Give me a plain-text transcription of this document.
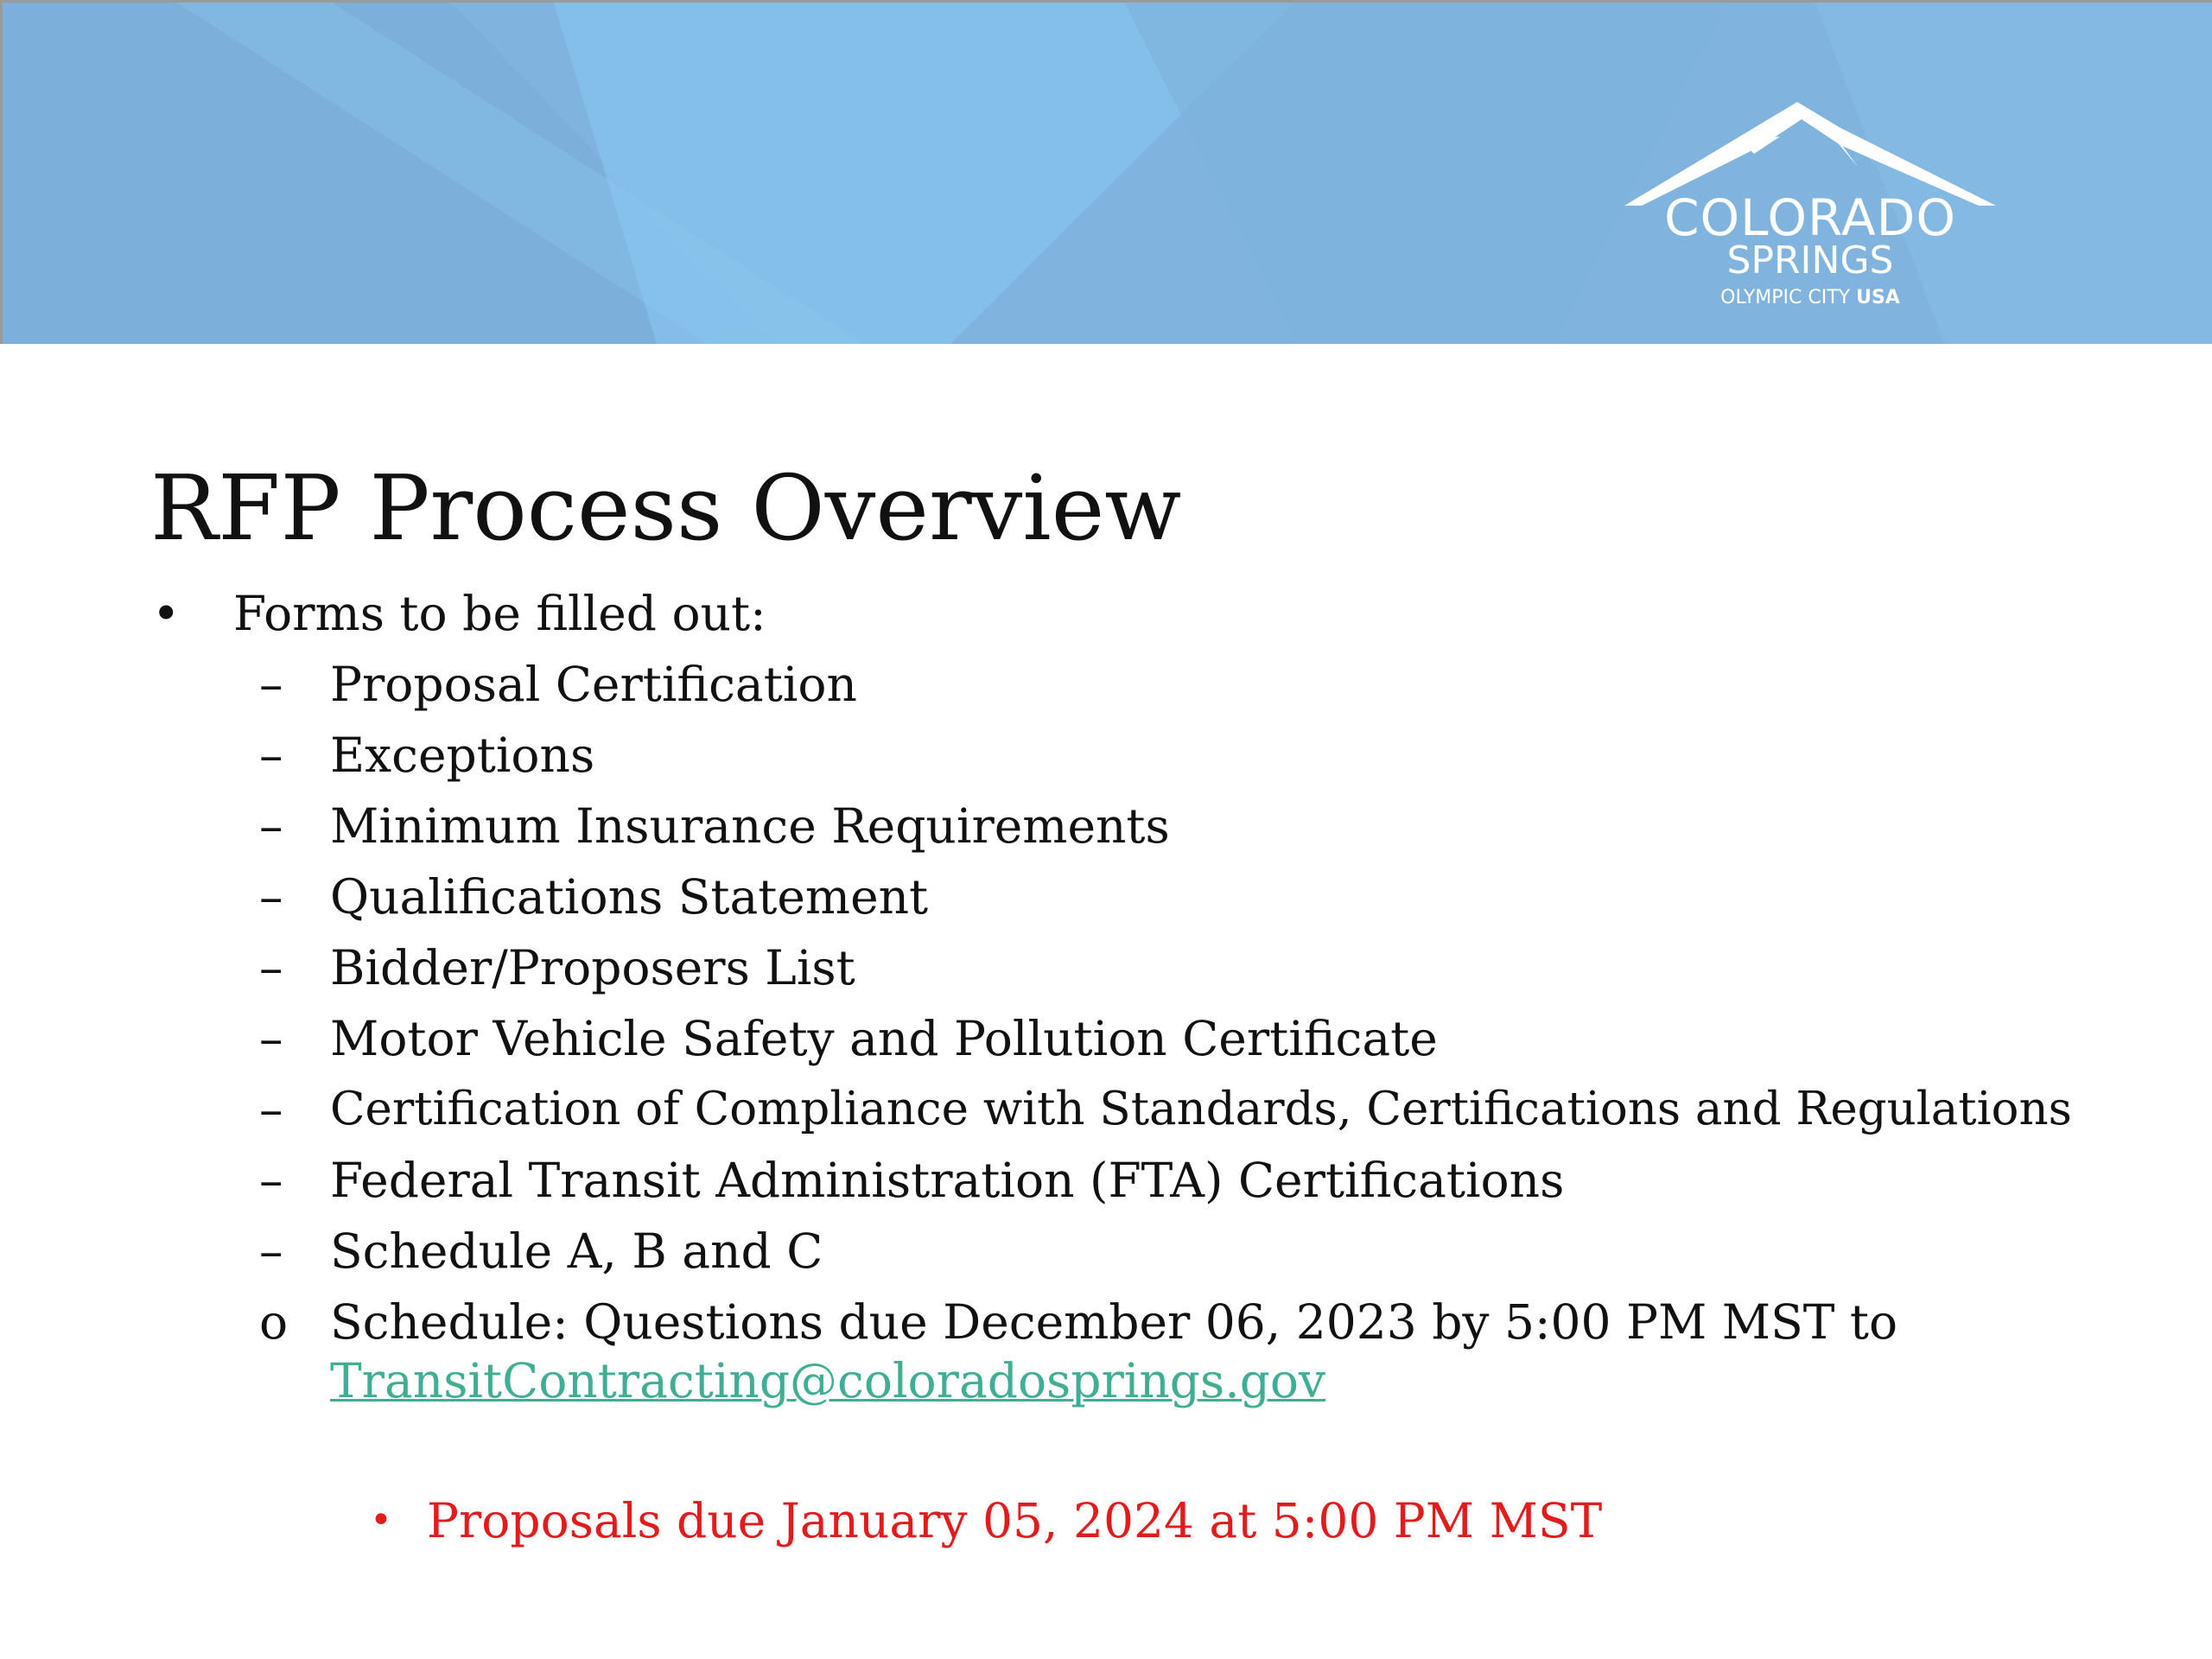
COLORADO
SPRINGS
OLYMPIC CITY USA
RFP Process Overview
• Forms to be filled out:
– Proposal Certification
– Exceptions
– Minimum Insurance Requirements
– Qualifications Statement
– Bidder/Proposers List
– Motor Vehicle Safety and Pollution Certificate
– Certification of Compliance with Standards, Certifications and Regulations
– Federal Transit Administration (FTA) Certifications
– Schedule A, B and C
o Schedule: Questions due December 06, 2023 by 5:00 PM MST to
TransitContracting@coloradosprings.gov
• Proposals due January 05, 2024 at 5:00 PM MST
